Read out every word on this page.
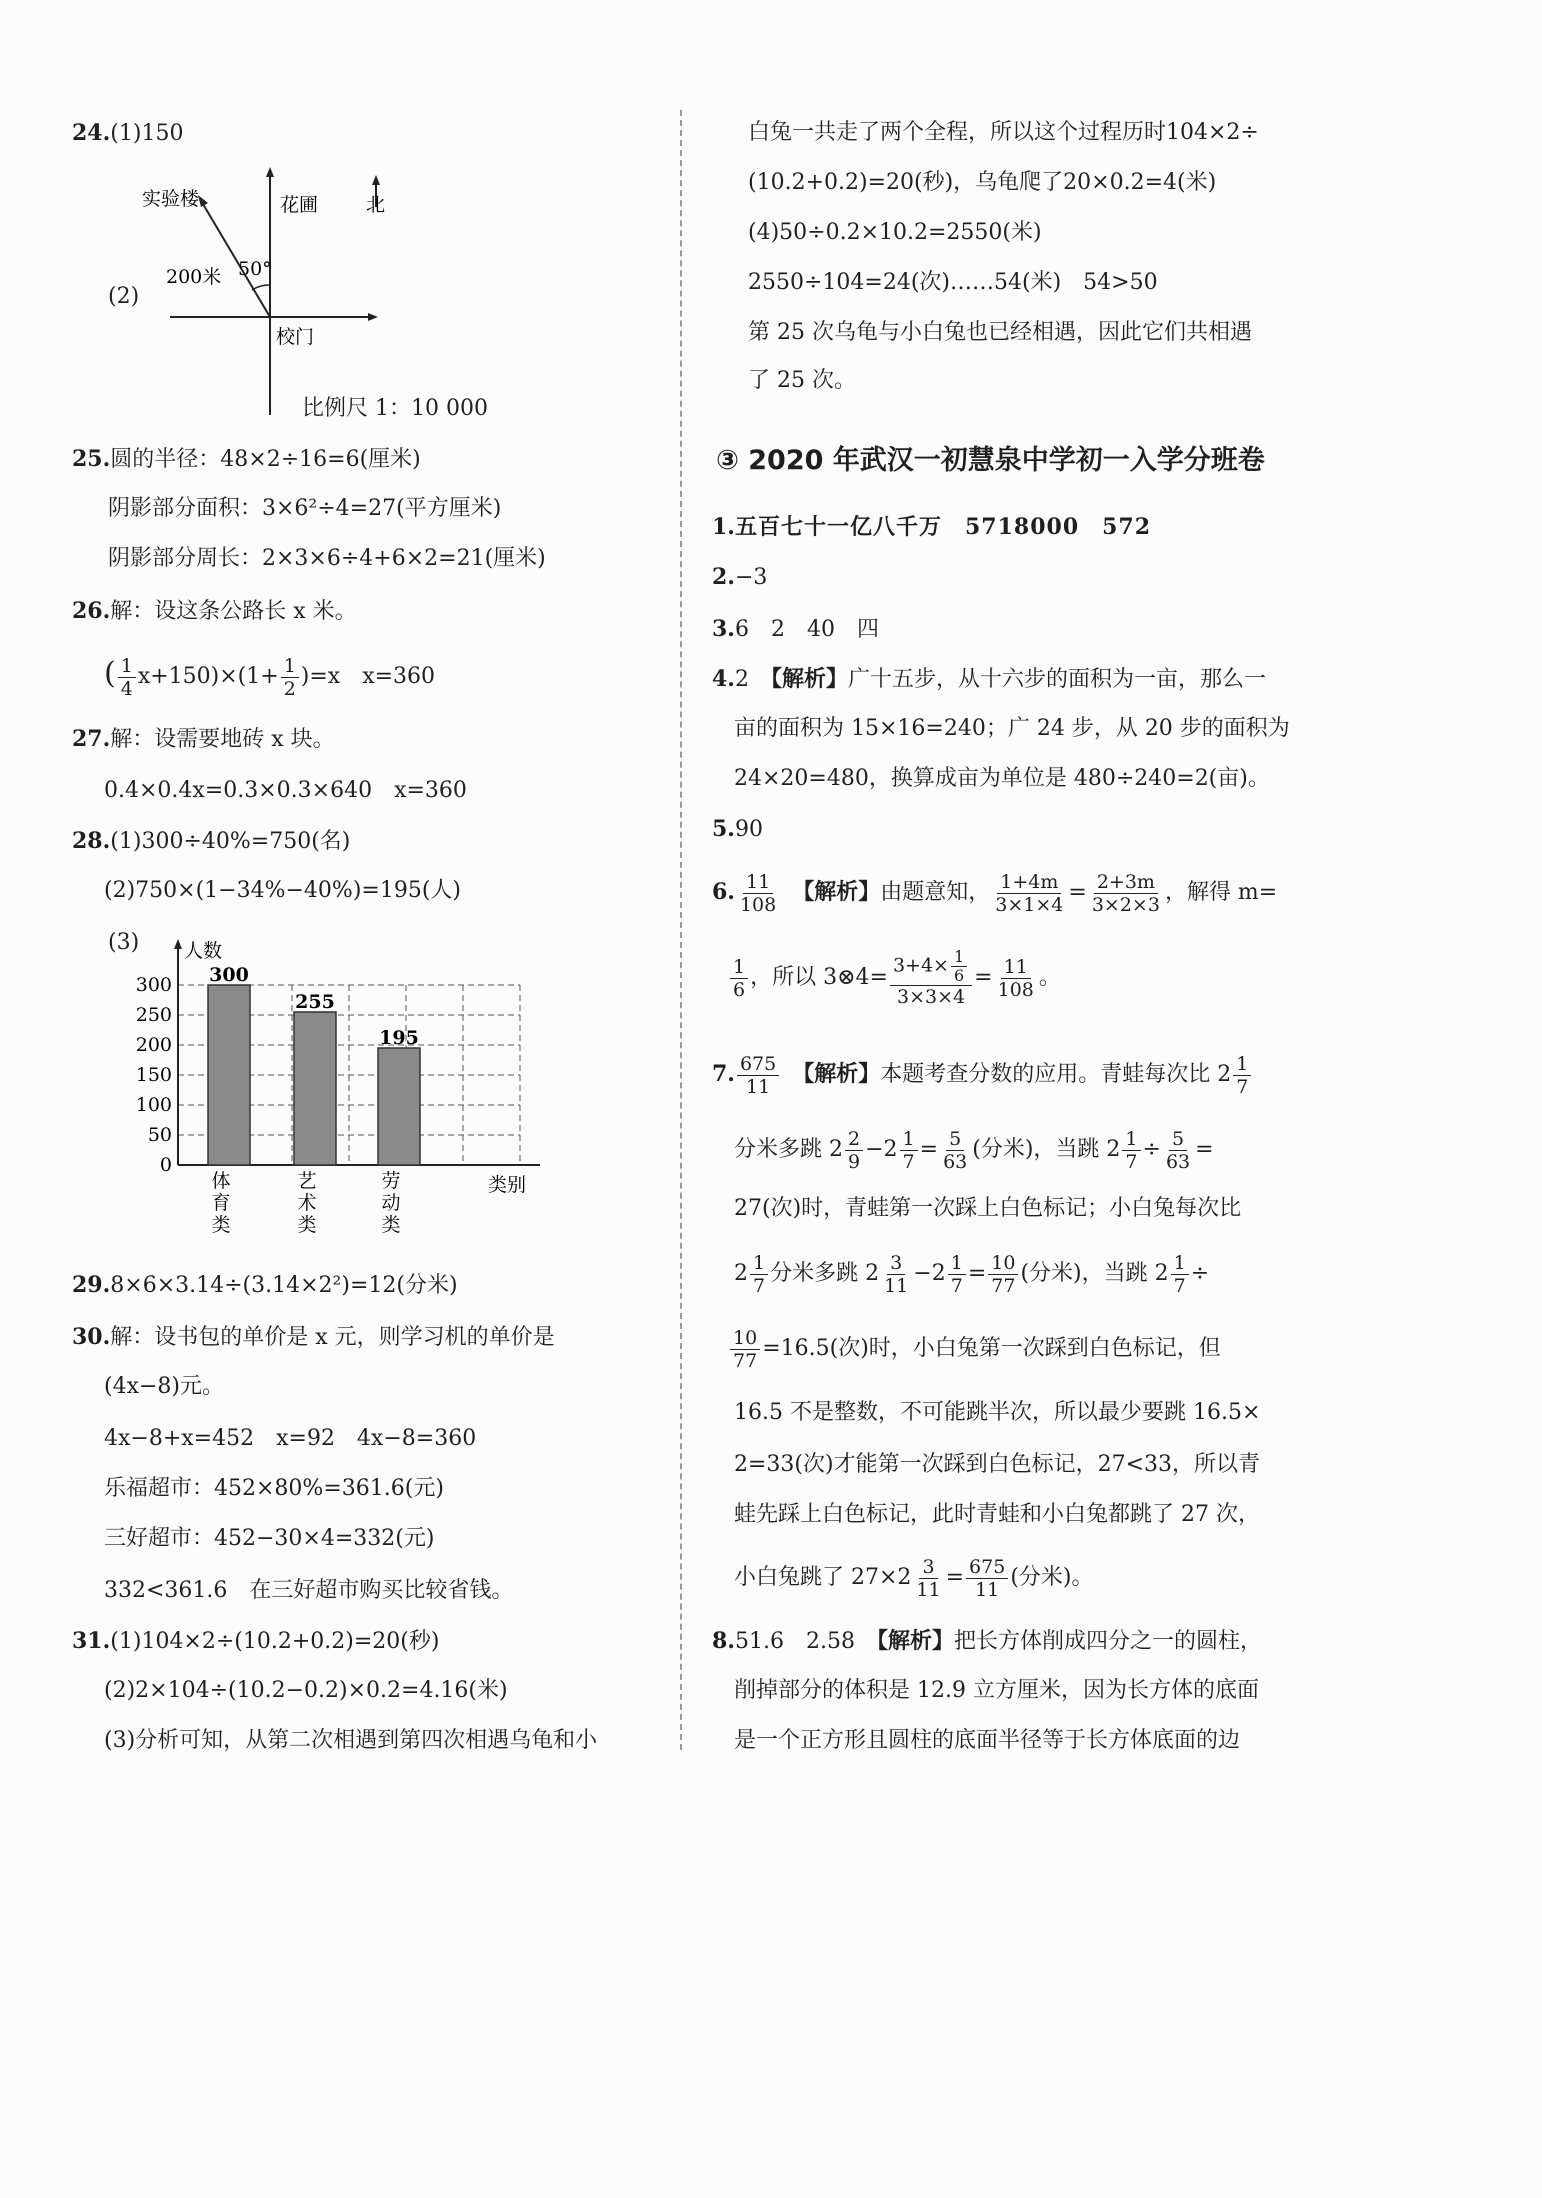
24.(1)150
(2)
实验楼	花圃	北
200米 50°
校门
比例尺 1：10 000
25.圆的半径：48×2÷16=6(厘米)
阴影部分面积：3×6²÷4=27(平方厘米)
阴影部分周长：2×3×6÷4+6×2=21(厘米)
26.解：设这条公路长 x 米。
( $\frac{1}{4} x+150)\times(1+ \frac{1}{2} )=x$　x=360
27.解：设需要地砖 x 块。
0.4×0.4x=0.3×0.3×640　x=360
28.(1)300÷40%=750(名)
(2)750×(1−34%−40%)=195(人)
(3) 人数
0
50
100
150
200
250
300 300
体
育
类
255
艺
术
类
195
劳
动
类
类别
29.8×6×3.14÷(3.14×2²)=12(分米)
30.解：设书包的单价是 x 元，则学习机的单价是
(4x−8)元。
4x−8+x=452　x=92　4x−8=360
乐福超市：452×80%=361.6(元)
三好超市：452−30×4=332(元)
332<361.6　在三好超市购买比较省钱。
31.(1)104×2÷(10.2+0.2)=20(秒)
(2)2×104÷(10.2−0.2)×0.2=4.16(米)
(3)分析可知，从第二次相遇到第四次相遇乌龟和小
白兔一共走了两个全程，所以这个过程历时104×2÷
(10.2+0.2)=20(秒)，乌龟爬了20×0.2=4(米)
(4)50÷0.2×10.2=2550(米)
2550÷104=24(次)……54(米)　54>50
第 25 次乌龟与小白兔也已经相遇，因此它们共相遇
了 25 次。
③ 2020 年武汉一初慧泉中学初一入学分班卷
1.五百七十一亿八千万　5718000　572
2.−3
3.6　2　40　四
4.2　 【解析】广十五步，从十六步的面积为一亩，那么一
亩的面积为 15×16=240；广 24 步，从 20 步的面积为
24×20=480，换算成亩为单位是 480÷240=2(亩)。
5.90
6. $\frac{11}{108}$
　 【解析】由题意知， $\frac{1+4m}{3\times 1\times 4} = \frac{2+3m}{3\times 2\times 3}$ ，解得 m=
$\frac{1}{6}$ ，所以 3⊗4= $\frac{3+4\times \frac{1}{6}}{3\times 3\times 4} = \frac{11}{108}$ 。
7. $\frac{675}{11}$
　 【解析】本题考查分数的应用。青蛙每次比 $2 \frac{1}{7}$
分米多跳 $2 \frac{2}{9} -2 \frac{1}{7} = \frac{5}{63}$ (分米)，当跳 $2 \frac{1}{7} \div \frac{5}{63}$ =
27(次)时，青蛙第一次踩上白色标记；小白兔每次比
$2 \frac{1}{7}$ 分米多跳 $2 \frac{3}{11} -2 \frac{1}{7} = \frac{10}{77}$ (分米)，当跳 $2 \frac{1}{7}$ ÷
$\frac{10}{77} =16.5$(次)时，小白兔第一次踩到白色标记，但
16.5 不是整数，不可能跳半次，所以最少要跳 16.5×
2=33(次)才能第一次踩到白色标记，27<33，所以青
蛙先踩上白色标记，此时青蛙和小白兔都跳了 27 次，
小白兔跳了 $27\times 2 \frac{3}{11} = \frac{675}{11}$ (分米)。
8.51.6　2.58　 【解析】把长方体削成四分之一的圆柱，
削掉部分的体积是 12.9 立方厘米，因为长方体的底面
是一个正方形且圆柱的底面半径等于长方体底面的边
